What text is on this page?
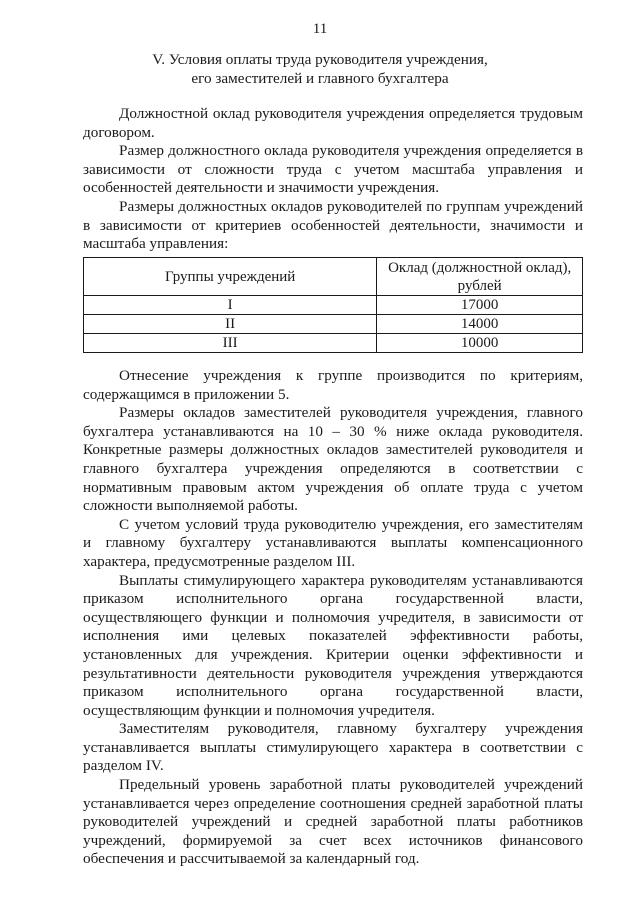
11
V. Условия оплаты труда руководителя учреждения,
его заместителей и главного бухгалтера

Должностной оклад руководителя учреждения определяется трудовым договором.

Размер должностного оклада руководителя учреждения определяется в зависимости от сложности труда с учетом масштаба управления и особенностей деятельности и значимости учреждения.

Размеры должностных окладов руководителей по группам учреждений в зависимости от критериев особенностей деятельности, значимости и масштаба управления:

Группы учреждений	Оклад (должностной оклад),
рублей

I	17000
II	14000
III	10000

Отнесение учреждения к группе производится по критериям, содержащимся в приложении 5.

Размеры окладов заместителей руководителя учреждения, главного бухгалтера устанавливаются на 10 – 30 % ниже оклада руководителя. Конкретные размеры должностных окладов заместителей руководителя и главного бухгалтера учреждения определяются в соответствии с нормативным правовым актом учреждения об оплате труда с учетом сложности выполняемой работы.

С учетом условий труда руководителю учреждения, его заместителям и главному бухгалтеру устанавливаются выплаты компенсационного характера, предусмотренные разделом III.

Выплаты стимулирующего характера руководителям устанавливаются приказом исполнительного органа государственной власти, осуществляющего функции и полномочия учредителя, в зависимости от исполнения ими целевых показателей эффективности работы, установленных для учреждения. Критерии оценки эффективности и результативности деятельности руководителя учреждения утверждаются приказом исполнительного органа государственной власти, осуществляющим функции и полномочия учредителя.

Заместителям руководителя, главному бухгалтеру учреждения устанавливается выплаты стимулирующего характера в соответствии с разделом IV.

Предельный уровень заработной платы руководителей учреждений устанавливается через определение соотношения средней заработной платы руководителей учреждений и средней заработной платы работников учреждений, формируемой за счет всех источников финансового обеспечения и рассчитываемой за календарный год.
